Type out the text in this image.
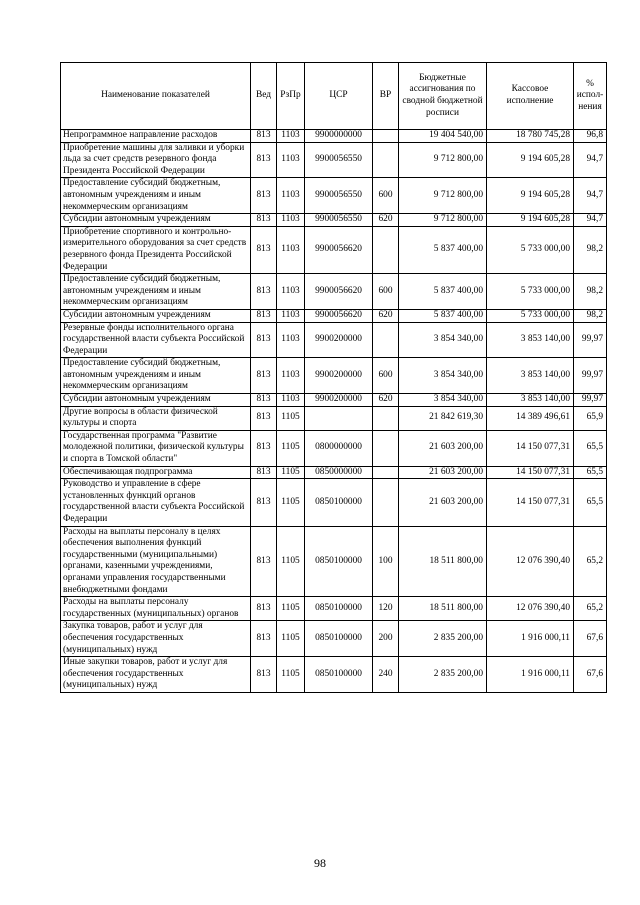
Наименование показателей	Вед	РзПр	ЦСР	ВР	Бюджетные ассигнования по сводной бюджетной росписи	Кассовое исполнение	% испол-нения
Непрограммное направление расходов	813	1103	9900000000		19 404 540,00	18 780 745,28	96,8
Приобретение машины для заливки и уборки льда за счет средств резервного фонда Президента Российской Федерации	813	1103	9900056550		9 712 800,00	9 194 605,28	94,7
Предоставление субсидий бюджетным, автономным учреждениям и иным некоммерческим организациям	813	1103	9900056550	600	9 712 800,00	9 194 605,28	94,7
Субсидии автономным учреждениям	813	1103	9900056550	620	9 712 800,00	9 194 605,28	94,7
Приобретение спортивного и контрольно-измерительного оборудования за счет средств резервного фонда Президента Российской Федерации	813	1103	9900056620		5 837 400,00	5 733 000,00	98,2
Предоставление субсидий бюджетным, автономным учреждениям и иным некоммерческим организациям	813	1103	9900056620	600	5 837 400,00	5 733 000,00	98,2
Субсидии автономным учреждениям	813	1103	9900056620	620	5 837 400,00	5 733 000,00	98,2
Резервные фонды исполнительного органа государственной власти субъекта Российской Федерации	813	1103	9900200000		3 854 340,00	3 853 140,00	99,97
Предоставление субсидий бюджетным, автономным учреждениям и иным некоммерческим организациям	813	1103	9900200000	600	3 854 340,00	3 853 140,00	99,97
Субсидии автономным учреждениям	813	1103	9900200000	620	3 854 340,00	3 853 140,00	99,97
Другие вопросы в области физической культуры и спорта	813	1105			21 842 619,30	14 389 496,61	65,9
Государственная программа "Развитие молодежной политики, физической культуры и спорта в Томской области"	813	1105	0800000000		21 603 200,00	14 150 077,31	65,5
Обеспечивающая подпрограмма	813	1105	0850000000		21 603 200,00	14 150 077,31	65,5
Руководство и управление в сфере установленных функций органов государственной власти субъекта Российской Федерации	813	1105	0850100000		21 603 200,00	14 150 077,31	65,5
Расходы на выплаты персоналу в целях обеспечения выполнения функций государственными (муниципальными) органами, казенными учреждениями, органами управления государственными внебюджетными фондами	813	1105	0850100000	100	18 511 800,00	12 076 390,40	65,2
Расходы на выплаты персоналу государственных (муниципальных) органов	813	1105	0850100000	120	18 511 800,00	12 076 390,40	65,2
Закупка товаров, работ и услуг для обеспечения государственных (муниципальных) нужд	813	1105	0850100000	200	2 835 200,00	1 916 000,11	67,6
Иные закупки товаров, работ и услуг для обеспечения государственных (муниципальных) нужд	813	1105	0850100000	240	2 835 200,00	1 916 000,11	67,6
98
